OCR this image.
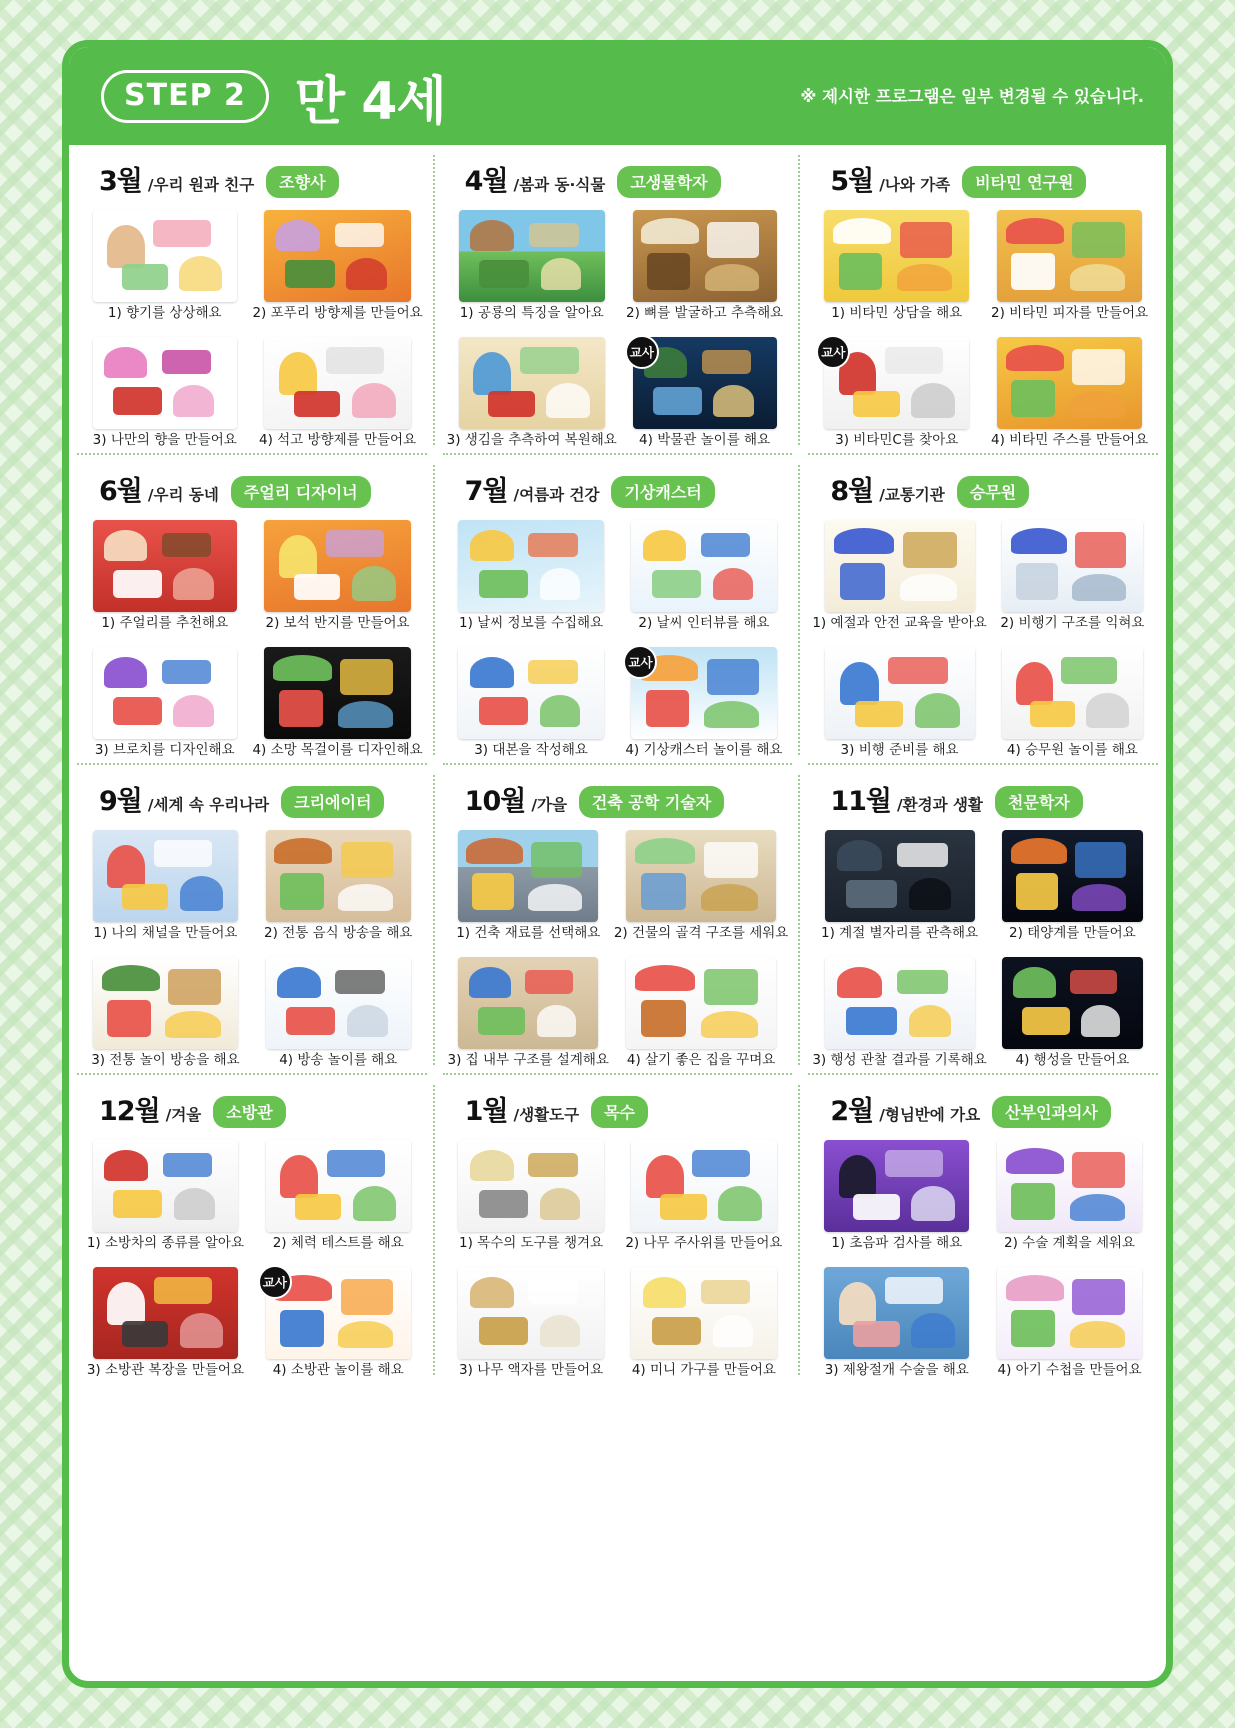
STEP 2 만 4세	※ 제시한 프로그램은 일부 변경될 수 있습니다.
3월 /우리 원과 친구	조향사
1) 향기를 상상해요 2) 포푸리 방향제를 만들어요
3) 나만의 향을 만들어요 4) 석고 방향제를 만들어요
4월 /봄과 동·식물	고생물학자
1) 공룡의 특징을 알아요 2) 뼈를 발굴하고 추측해요
3) 생김을 추측하여 복원해요
교사
4) 박물관 놀이를 해요
5월 /나와 가족	비타민 연구원
1) 비타민 상담을 해요 2) 비타민 피자를 만들어요
교사
3) 비타민C를 찾아요 4) 비타민 주스를 만들어요
6월 /우리 동네	주얼리 디자이너
1) 주얼리를 추천해요	2) 보석 반지를 만들어요
3) 브로치를 디자인해요 4) 소망 목걸이를 디자인해요
7월 /여름과 건강	기상캐스터
1) 날씨 정보를 수집해요	2) 날씨 인터뷰를 해요
3) 대본을 작성해요
교사
4) 기상캐스터 놀이를 해요
8월 /교통기관	승무원
1) 예절과 안전 교육을 받아요 2) 비행기 구조를 익혀요
3) 비행 준비를 해요	4) 승무원 놀이를 해요
9월 /세계 속 우리나라	크리에이터
1) 나의 채널을 만들어요 2) 전통 음식 방송을 해요
3) 전통 놀이 방송을 해요	4) 방송 놀이를 해요
10월 /가을	건축 공학 기술자
1) 건축 재료를 선택해요 2) 건물의 골격 구조를 세워요
3) 집 내부 구조를 설계해요 4) 살기 좋은 집을 꾸며요
11월 /환경과 생활	천문학자
1) 계절 별자리를 관측해요 2) 태양계를 만들어요
3) 행성 관찰 결과를 기록해요 4) 행성을 만들어요
12월 /겨울	소방관
1) 소방차의 종류를 알아요 2) 체력 테스트를 해요
3) 소방관 복장을 만들어요
교사
4) 소방관 놀이를 해요
1월 /생활도구	목수
1) 목수의 도구를 챙겨요 2) 나무 주사위를 만들어요
3) 나무 액자를 만들어요 4) 미니 가구를 만들어요
2월 /형님반에 가요	산부인과의사
1) 초음파 검사를 해요	2) 수술 계획을 세워요
3) 제왕절개 수술을 해요 4) 아기 수첩을 만들어요
